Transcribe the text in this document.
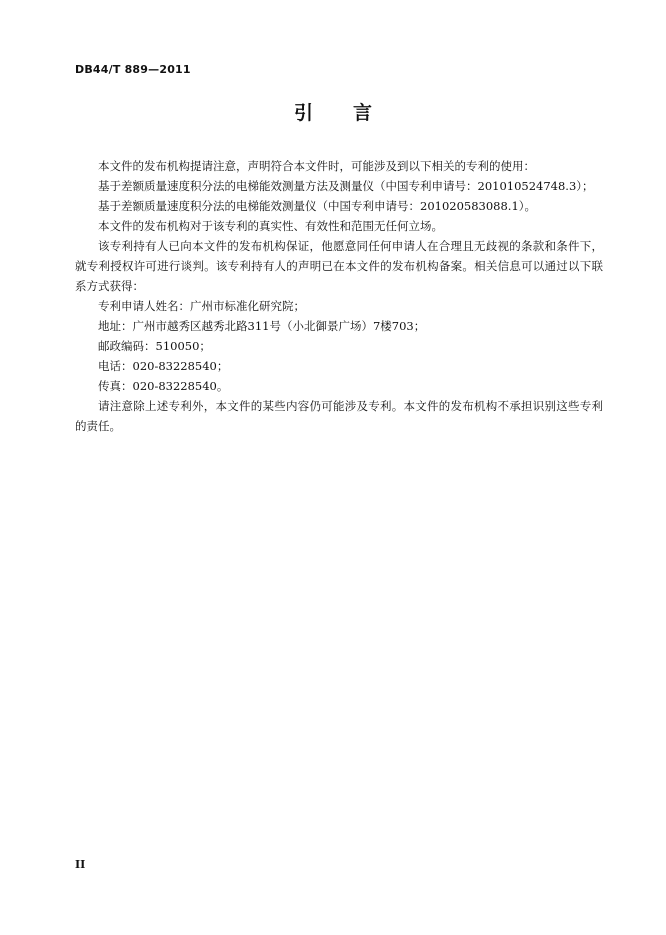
DB44/T 889—2011
引言

本文件的发布机构提请注意，声明符合本文件时，可能涉及到以下相关的专利的使用：

基于差额质量速度积分法的电梯能效测量方法及测量仪（中国专利申请号：201010524748.3）；

基于差额质量速度积分法的电梯能效测量仪（中国专利申请号：201020583088.1）。

本文件的发布机构对于该专利的真实性、有效性和范围无任何立场。

该专利持有人已向本文件的发布机构保证，他愿意同任何申请人在合理且无歧视的条款和条件下，就专利授权许可进行谈判。该专利持有人的声明已在本文件的发布机构备案。相关信息可以通过以下联系方式获得：

专利申请人姓名：广州市标准化研究院；

地址：广州市越秀区越秀北路311号（小北御景广场）7楼703；

邮政编码：510050；

电话：020-83228540；

传真：020-83228540。

请注意除上述专利外，本文件的某些内容仍可能涉及专利。本文件的发布机构不承担识别这些专利的责任。

II
